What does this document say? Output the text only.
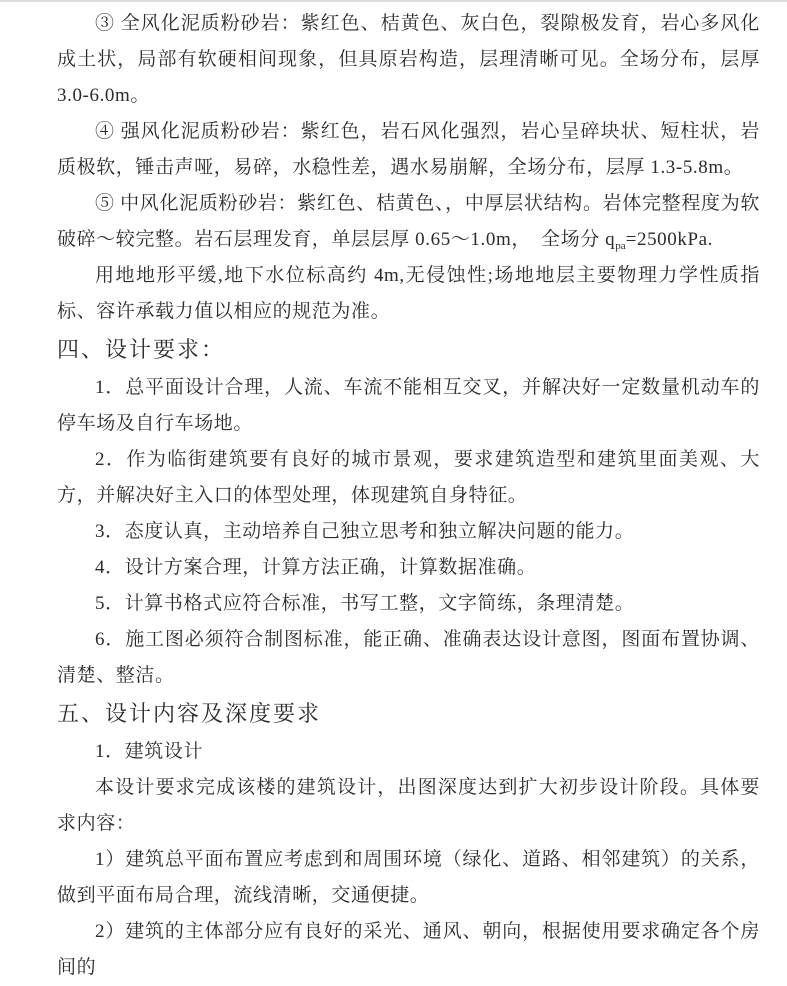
③ 全风化泥质粉砂岩：紫红色、桔黄色、灰白色，裂隙极发育，岩心多风化成土状，局部有软硬相间现象，但具原岩构造，层理清晰可见。全场分布，层厚 3.0-6.0m。

④ 强风化泥质粉砂岩：紫红色，岩石风化强烈，岩心呈碎块状、短柱状，岩质极软，锤击声哑，易碎，水稳性差，遇水易崩解，全场分布，层厚 1.3-5.8m。

⑤ 中风化泥质粉砂岩：紫红色、桔黄色、，中厚层状结构。岩体完整程度为软破碎～较完整。岩石层理发育，单层层厚 0.65～1.0m，　全场分 $q_{pa}=2500kPa$.

用地地形平缓,地下水位标高约 4m,无侵蚀性;场地地层主要物理力学性质指标、容许承载力值以相应的规范为准。

四、设计要求：

1．总平面设计合理，人流、车流不能相互交叉，并解决好一定数量机动车的停车场及自行车场地。

2．作为临街建筑要有良好的城市景观，要求建筑造型和建筑里面美观、大方，并解决好主入口的体型处理，体现建筑自身特征。

3．态度认真，主动培养自己独立思考和独立解决问题的能力。

4．设计方案合理，计算方法正确，计算数据准确。

5．计算书格式应符合标准，书写工整，文字简练，条理清楚。

6．施工图必须符合制图标准，能正确、准确表达设计意图，图面布置协调、清楚、整洁。

五、设计内容及深度要求

1．建筑设计

本设计要求完成该楼的建筑设计，出图深度达到扩大初步设计阶段。具体要求内容：

1）建筑总平面布置应考虑到和周围环境（绿化、道路、相邻建筑）的关系，做到平面布局合理，流线清晰，交通便捷。

2）建筑的主体部分应有良好的采光、通风、朝向，根据使用要求确定各个房间的
